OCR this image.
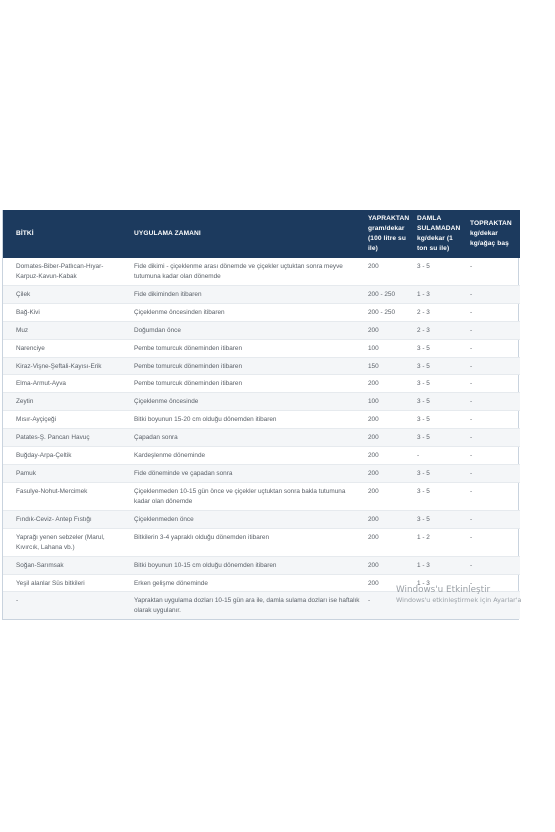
BİTKİ	UYGULAMA ZAMANI	YAPRAKTAN gram/dekar (100 litre su ile)	DAMLA SULAMADAN kg/dekar (1 ton su ile)	TOPRAKTAN kg/dekar kg/ağaç baş
Domates-Biber-Patlıcan-Hıyar-Karpuz-Kavun-Kabak	Fide dikimi - çiçeklenme arası dönemde ve çiçekler uçtuktan sonra meyve tutumuna kadar olan dönemde	200	3 - 5	-
Çilek	Fide dikiminden itibaren	200 - 250	1 - 3	-
Bağ-Kivi	Çiçeklenme öncesinden itibaren	200 - 250	2 - 3	-
Muz	Doğumdan önce	200	2 - 3	-
Narenciye	Pembe tomurcuk döneminden itibaren	100	3 - 5	-
Kiraz-Vişne-Şeftali-Kayısı-Erik	Pembe tomurcuk döneminden itibaren	150	3 - 5	-
Elma-Armut-Ayva	Pembe tomurcuk döneminden itibaren	200	3 - 5	-
Zeytin	Çiçeklenme öncesinde	100	3 - 5	-
Mısır-Ayçiçeği	Bitki boyunun 15-20 cm olduğu dönemden itibaren	200	3 - 5	-
Patates-Ş. Pancarı Havuç	Çapadan sonra	200	3 - 5	-
Buğday-Arpa-Çeltik	Kardeşlenme döneminde	200	-	-
Pamuk	Fide döneminde ve çapadan sonra	200	3 - 5	-
Fasulye-Nohut-Mercimek	Çiçeklenmeden 10-15 gün önce ve çiçekler uçtuktan sonra bakla tutumuna kadar olan dönemde	200	3 - 5	-
Fındık-Ceviz- Antep Fıstığı	Çiçeklenmeden önce	200	3 - 5	-
Yaprağı yenen sebzeler (Marul, Kıvırcık, Lahana vb.)	Bitkilerin 3-4 yapraklı olduğu dönemden itibaren	200	1 - 2	-
Soğan-Sarımsak	Bitki boyunun 10-15 cm olduğu dönemden itibaren	200	1 - 3	-
Yeşil alanlar Süs bitkileri	Erken gelişme döneminde	200	1 - 3	-
-	Yapraktan uygulama dozları 10-15 gün ara ile, damla sulama dozları ise haftalık olarak uygulanır.	-		
Windows'u Etkinleştir
Windows'u etkinleştirmek için Ayarlar'a
